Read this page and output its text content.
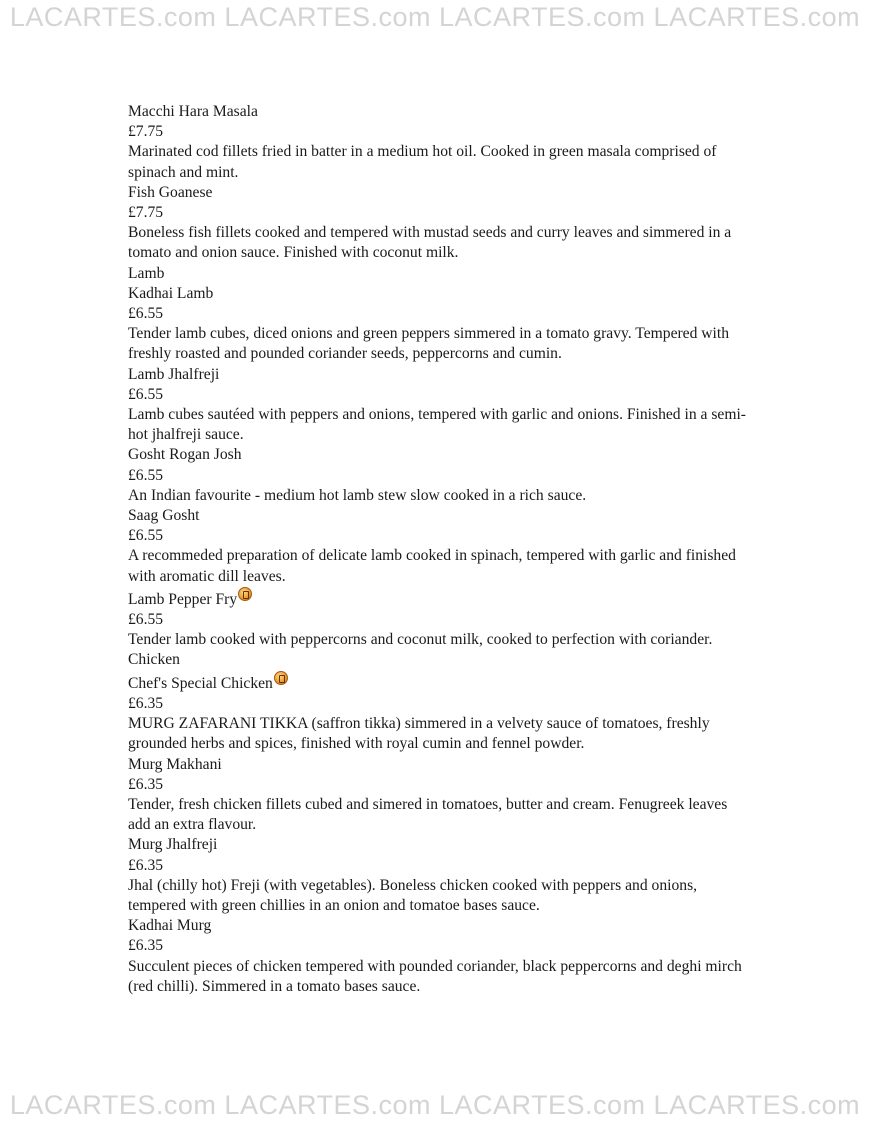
LACARTES.com LACARTES.com LACARTES.com LACARTES.com
Macchi Hara Masala
£7.75
Marinated cod fillets fried in batter in a medium hot oil. Cooked in green masala comprised of spinach and mint.
Fish Goanese
£7.75
Boneless fish fillets cooked and tempered with mustad seeds and curry leaves and simmered in a tomato and onion sauce. Finished with coconut milk.
Lamb
Kadhai Lamb
£6.55
Tender lamb cubes, diced onions and green peppers simmered in a tomato gravy. Tempered with freshly roasted and pounded coriander seeds, peppercorns and cumin.
Lamb Jhalfreji
£6.55
Lamb cubes sautéed with peppers and onions, tempered with garlic and onions. Finished in a semi-hot jhalfreji sauce.
Gosht Rogan Josh
£6.55
An Indian favourite - medium hot lamb stew slow cooked in a rich sauce.
Saag Gosht
£6.55
A recommeded preparation of delicate lamb cooked in spinach, tempered with garlic and finished with aromatic dill leaves.
Lamb Pepper Fry
£6.55
Tender lamb cooked with peppercorns and coconut milk, cooked to perfection with coriander.
Chicken
Chef's Special Chicken
£6.35
MURG ZAFARANI TIKKA (saffron tikka) simmered in a velvety sauce of tomatoes, freshly grounded herbs and spices, finished with royal cumin and fennel powder.
Murg Makhani
£6.35
Tender, fresh chicken fillets cubed and simered in tomatoes, butter and cream. Fenugreek leaves add an extra flavour.
Murg Jhalfreji
£6.35
Jhal (chilly hot) Freji (with vegetables). Boneless chicken cooked with peppers and onions, tempered with green chillies in an onion and tomatoe bases sauce.
Kadhai Murg
£6.35
Succulent pieces of chicken tempered with pounded coriander, black peppercorns and deghi mirch (red chilli). Simmered in a tomato bases sauce.
LACARTES.com LACARTES.com LACARTES.com LACARTES.com
